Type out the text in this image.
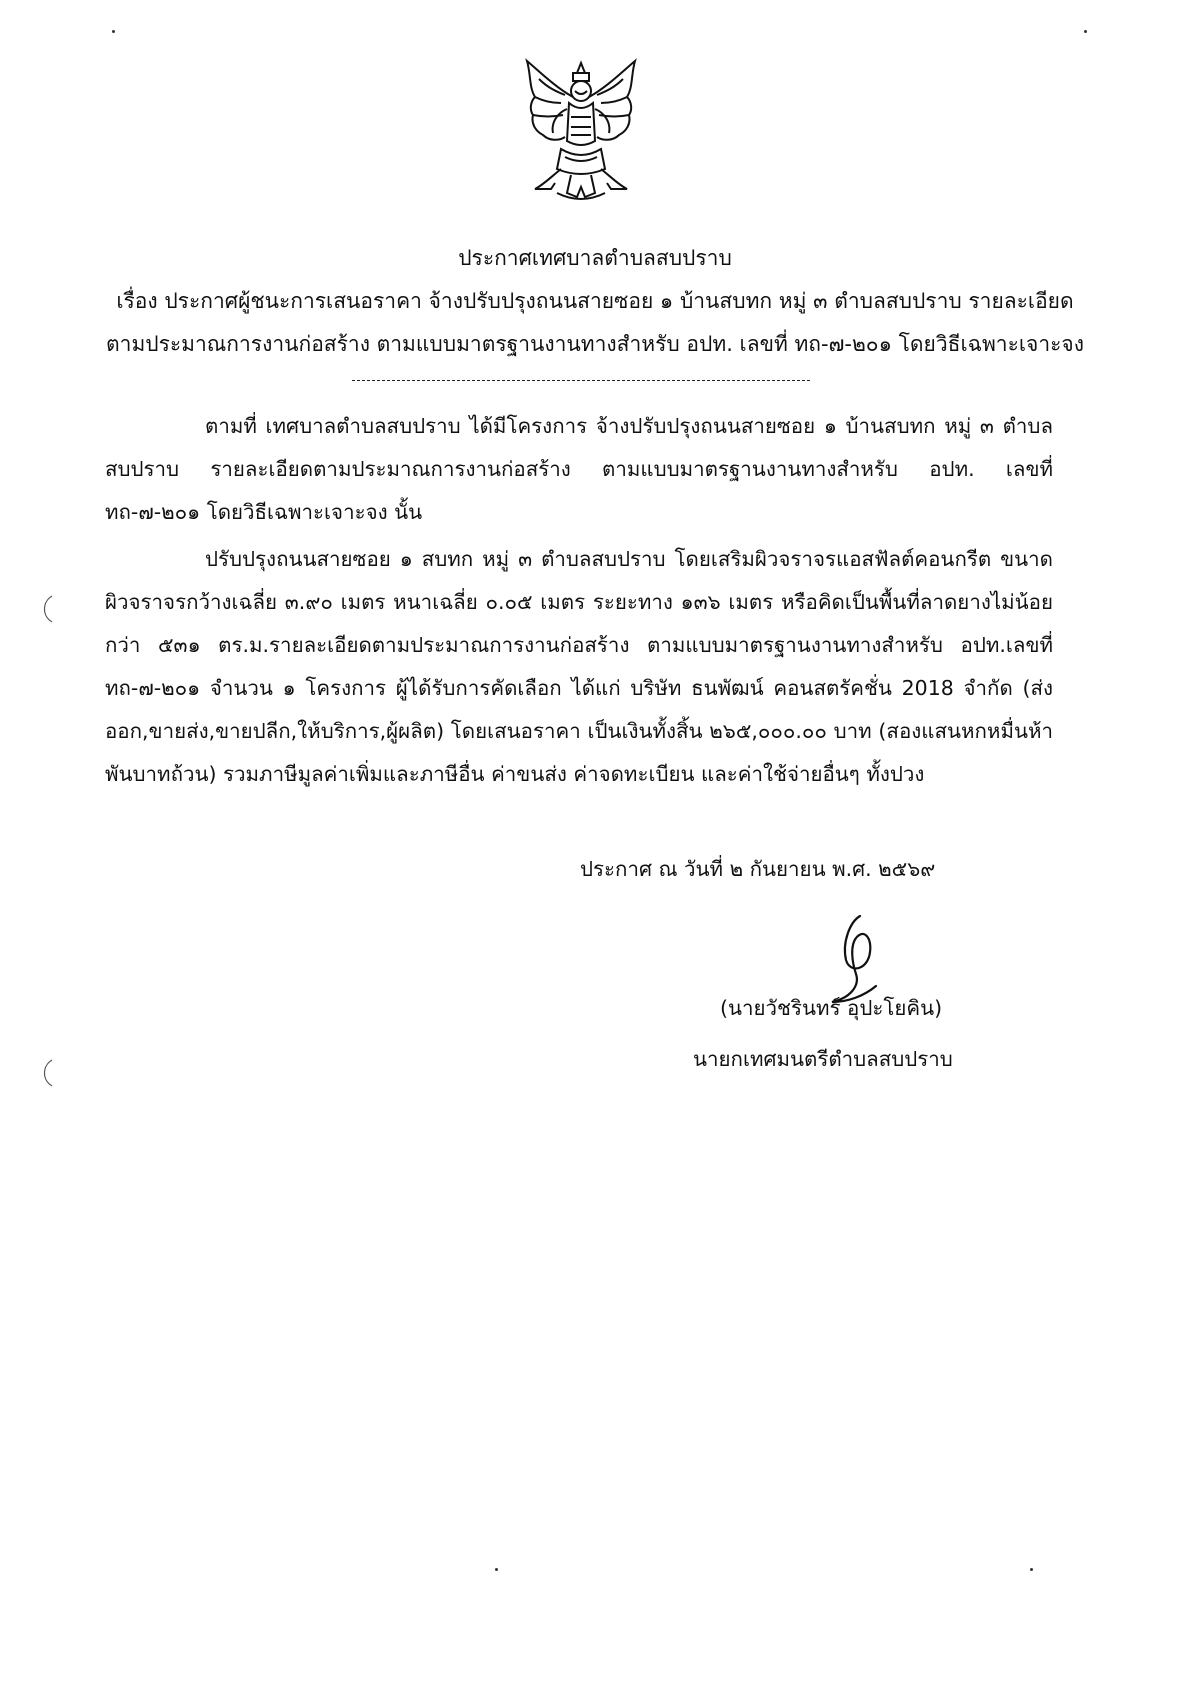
ประกาศเทศบาลตำบลสบปราบ
เรื่อง ประกาศผู้ชนะการเสนอราคา จ้างปรับปรุงถนนสายซอย ๑ บ้านสบทก หมู่ ๓ ตำบลสบปราบ รายละเอียด
ตามประมาณการงานก่อสร้าง ตามแบบมาตรฐานงานทางสำหรับ อปท. เลขที่ ทถ-๗-๒๐๑ โดยวิธีเฉพาะเจาะจง
ตามที่ เทศบาลตำบลสบปราบ ได้มีโครงการ จ้างปรับปรุงถนนสายซอย ๑ บ้านสบทก หมู่ ๓ ตำบลสบปราบ รายละเอียดตามประมาณการงานก่อสร้าง ตามแบบมาตรฐานงานทางสำหรับ อปท. เลขที่ ทถ-๗-๒๐๑ โดยวิธีเฉพาะเจาะจง นั้น
ปรับปรุงถนนสายซอย ๑ สบทก หมู่ ๓ ตำบลสบปราบ โดยเสริมผิวจราจรแอสฟัลต์คอนกรีต ขนาดผิวจราจรกว้างเฉลี่ย ๓.๙๐ เมตร หนาเฉลี่ย ๐.๐๕ เมตร ระยะทาง ๑๓๖ เมตร หรือคิดเป็นพื้นที่ลาดยางไม่น้อยกว่า ๕๓๑ ตร.ม.รายละเอียดตามประมาณการงานก่อสร้าง ตามแบบมาตรฐานงานทางสำหรับ อปท.เลขที่ ทถ-๗-๒๐๑ จำนวน ๑ โครงการ ผู้ได้รับการคัดเลือก ได้แก่ บริษัท ธนพัฒน์ คอนสตรัคชั่น 2018 จำกัด (ส่งออก,ขายส่ง,ขายปลีก,ให้บริการ,ผู้ผลิต) โดยเสนอราคา เป็นเงินทั้งสิ้น ๒๖๕,๐๐๐.๐๐ บาท (สองแสนหกหมื่นห้าพันบาทถ้วน) รวมภาษีมูลค่าเพิ่มและภาษีอื่น ค่าขนส่ง ค่าจดทะเบียน และค่าใช้จ่ายอื่นๆ ทั้งปวง
ประกาศ ณ วันที่ ๒ กันยายน พ.ศ. ๒๕๖๙
(นายวัชรินทร์ อุปะโยคิน)
นายกเทศมนตรีตำบลสบปราบ
